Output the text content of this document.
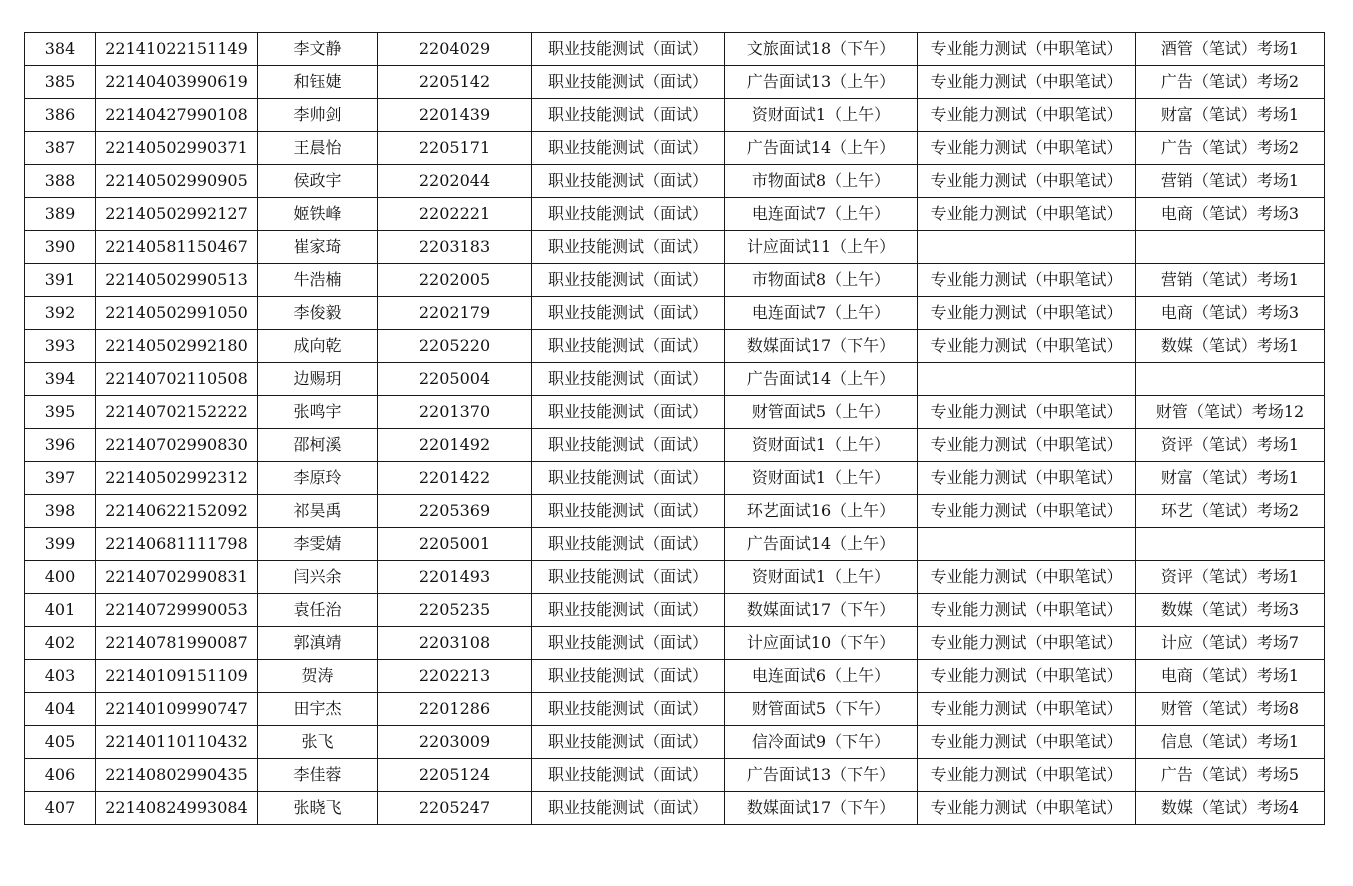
384	22141022151149	李文静	2204029	职业技能测试（面试）	文旅面试18（下午）	专业能力测试（中职笔试）	酒管（笔试）考场1
385	22140403990619	和钰婕	2205142	职业技能测试（面试）	广告面试13（上午）	专业能力测试（中职笔试）	广告（笔试）考场2
386	22140427990108	李帅剑	2201439	职业技能测试（面试）	资财面试1（上午）	专业能力测试（中职笔试）	财富（笔试）考场1
387	22140502990371	王晨怡	2205171	职业技能测试（面试）	广告面试14（上午）	专业能力测试（中职笔试）	广告（笔试）考场2
388	22140502990905	侯政宇	2202044	职业技能测试（面试）	市物面试8（上午）	专业能力测试（中职笔试）	营销（笔试）考场1
389	22140502992127	姬铁峰	2202221	职业技能测试（面试）	电连面试7（上午）	专业能力测试（中职笔试）	电商（笔试）考场3
390	22140581150467	崔家琦	2203183	职业技能测试（面试）	计应面试11（上午）		
391	22140502990513	牛浩楠	2202005	职业技能测试（面试）	市物面试8（上午）	专业能力测试（中职笔试）	营销（笔试）考场1
392	22140502991050	李俊毅	2202179	职业技能测试（面试）	电连面试7（上午）	专业能力测试（中职笔试）	电商（笔试）考场3
393	22140502992180	成向乾	2205220	职业技能测试（面试）	数媒面试17（下午）	专业能力测试（中职笔试）	数媒（笔试）考场1
394	22140702110508	边赐玥	2205004	职业技能测试（面试）	广告面试14（上午）		
395	22140702152222	张鸣宇	2201370	职业技能测试（面试）	财管面试5（上午）	专业能力测试（中职笔试）	财管（笔试）考场12
396	22140702990830	邵柯溪	2201492	职业技能测试（面试）	资财面试1（上午）	专业能力测试（中职笔试）	资评（笔试）考场1
397	22140502992312	李原玲	2201422	职业技能测试（面试）	资财面试1（上午）	专业能力测试（中职笔试）	财富（笔试）考场1
398	22140622152092	祁昊禹	2205369	职业技能测试（面试）	环艺面试16（上午）	专业能力测试（中职笔试）	环艺（笔试）考场2
399	22140681111798	李雯婧	2205001	职业技能测试（面试）	广告面试14（上午）		
400	22140702990831	闫兴余	2201493	职业技能测试（面试）	资财面试1（上午）	专业能力测试（中职笔试）	资评（笔试）考场1
401	22140729990053	袁任治	2205235	职业技能测试（面试）	数媒面试17（下午）	专业能力测试（中职笔试）	数媒（笔试）考场3
402	22140781990087	郭滇靖	2203108	职业技能测试（面试）	计应面试10（下午）	专业能力测试（中职笔试）	计应（笔试）考场7
403	22140109151109	贺涛	2202213	职业技能测试（面试）	电连面试6（上午）	专业能力测试（中职笔试）	电商（笔试）考场1
404	22140109990747	田宇杰	2201286	职业技能测试（面试）	财管面试5（下午）	专业能力测试（中职笔试）	财管（笔试）考场8
405	22140110110432	张飞	2203009	职业技能测试（面试）	信冷面试9（下午）	专业能力测试（中职笔试）	信息（笔试）考场1
406	22140802990435	李佳蓉	2205124	职业技能测试（面试）	广告面试13（下午）	专业能力测试（中职笔试）	广告（笔试）考场5
407	22140824993084	张晓飞	2205247	职业技能测试（面试）	数媒面试17（下午）	专业能力测试（中职笔试）	数媒（笔试）考场4
